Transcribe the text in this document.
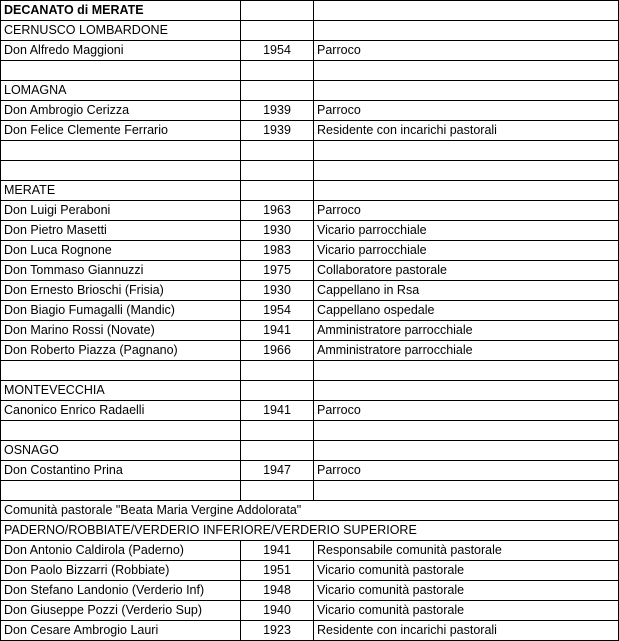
DECANATO di MERATE		
CERNUSCO LOMBARDONE		
Don Alfredo Maggioni	1954	Parroco

LOMAGNA		
Don Ambrogio Cerizza	1939	Parroco
Don Felice Clemente Ferrario	1939	Residente con incarichi pastorali

MERATE		
Don Luigi Peraboni	1963	Parroco
Don Pietro Masetti	1930	Vicario parrocchiale
Don Luca Rognone	1983	Vicario parrocchiale
Don Tommaso Giannuzzi	1975	Collaboratore pastorale
Don Ernesto Brioschi (Frisia)	1930	Cappellano in Rsa
Don Biagio Fumagalli (Mandic)	1954	Cappellano ospedale
Don Marino Rossi (Novate)	1941	Amministratore parrocchiale
Don Roberto Piazza (Pagnano)	1966	Amministratore parrocchiale

MONTEVECCHIA		
Canonico Enrico Radaelli	1941	Parroco

OSNAGO		
Don Costantino Prina	1947	Parroco

Comunità pastorale "Beata Maria Vergine Addolorata"		
PADERNO/ROBBIATE/VERDERIO INFERIORE/VERDERIO SUPERIORE		
Don Antonio Caldirola (Paderno)	1941	Responsabile comunità pastorale
Don Paolo Bizzarri (Robbiate)	1951	Vicario comunità pastorale
Don Stefano Landonio (Verderio Inf)	1948	Vicario comunità pastorale
Don Giuseppe Pozzi (Verderio Sup)	1940	Vicario comunità pastorale
Don Cesare Ambrogio Lauri	1923	Residente con incarichi pastorali
